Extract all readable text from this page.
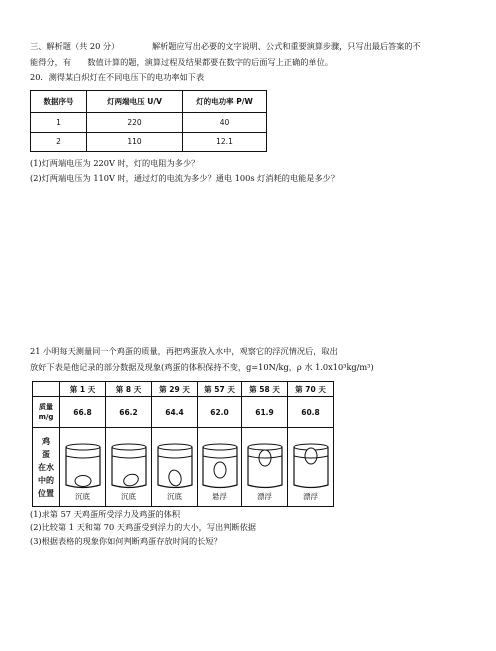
三、解析题（共 20 分）	解析题应写出必要的文字说明、公式和重要演算步骤，只写出最后答案的不
能得分，有　　数值计算的题，演算过程及结果都要在数字的后面写上正确的单位。
20．测得某白炽灯在不同电压下的电功率如下表
数据序号	灯两端电压 U/V	灯的电功率 P/W
1	220	40
2	110	12.1
(1)灯两端电压为 220V 时，灯的电阻为多少？
(2)灯两端电压为 110V 时，通过灯的电流为多少？通电 100s 灯消耗的电能是多少？
21 小明每天测量同一个鸡蛋的质量，再把鸡蛋放入水中，观察它的浮沉情况后，取出
放好下表是他记录的部分数据及现象(鸡蛋的体积保持不变，g=10N/kg，ρ 水 1.0x10³kg/m³)
	第 1 天	第 8 天	第 29 天	第 57 天	第 58 天	第 70 天
质量
m/g	66.8	66.2	64.4	62.0	61.9	60.8

鸡
蛋
在水
中的
位置	沉底	沉底	沉底	悬浮	漂浮	漂浮
(1)求第 57 天鸡蛋所受浮力及鸡蛋的体积
(2)比较第 1 天和第 70 天鸡蛋受到浮力的大小，写出判断依据
(3)根据表格的现象你如何判断鸡蛋存放时间的长短？
